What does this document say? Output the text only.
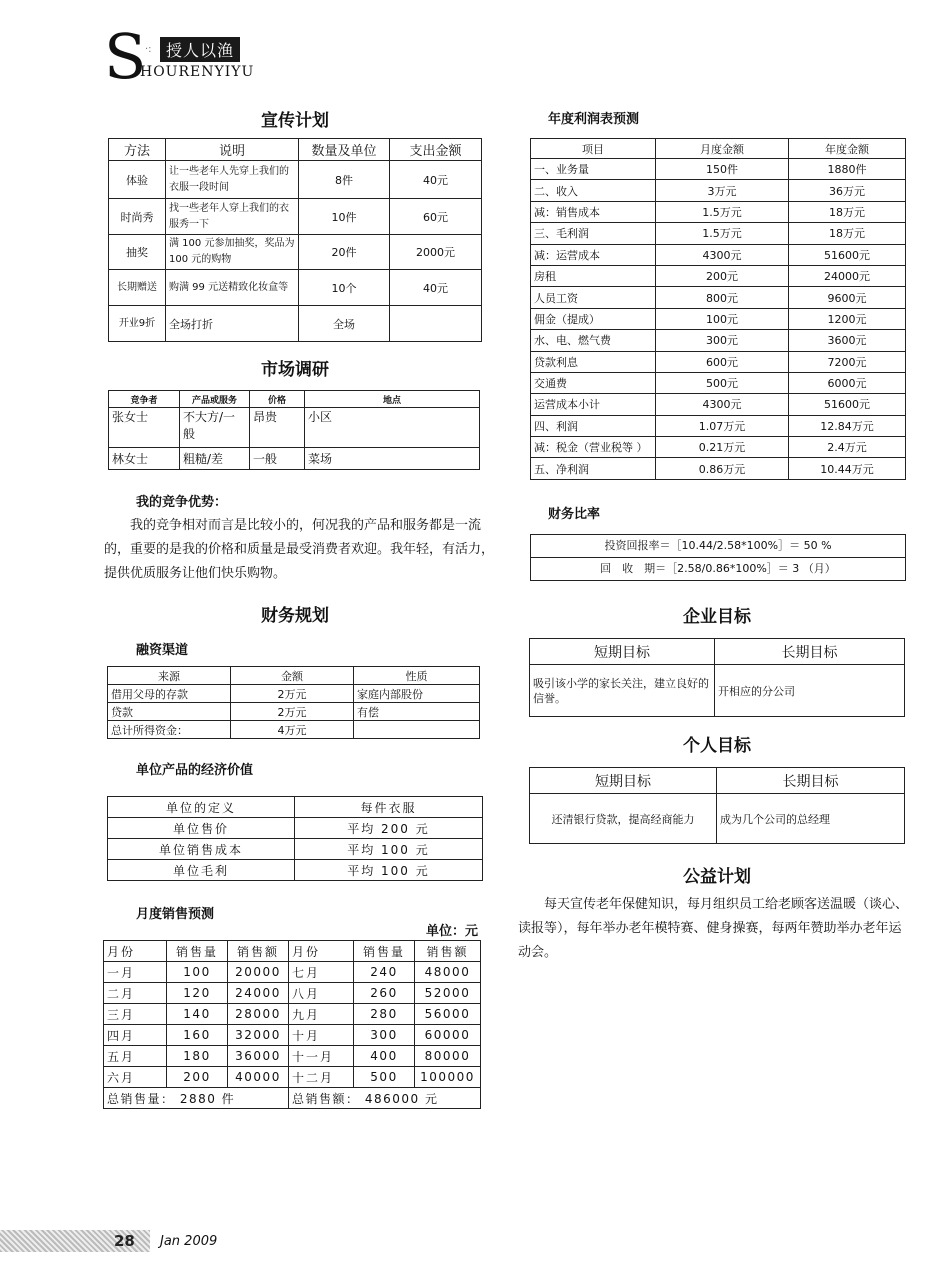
S
·: 授人以渔
HOURENYIYU
宣传计划
方法	说明	数量及单位	支出金额
体验	让一些老年人先穿上我们的衣服一段时间	8件	40元
时尚秀	找一些老年人穿上我们的衣服秀一下	10件	60元
抽奖	满 100 元参加抽奖，奖品为 100 元的购物	20件	2000元
长期赠送	购满 99 元送精致化妆盒等	10个	40元
开业9折	全场打折	全场	
市场调研
竞争者	产品或服务	价格	地点
张女士	不大方/一般	昂贵	小区
林女士	粗糙/差	一般	菜场
我的竞争优势：
我的竞争相对而言是比较小的，何况我的产品和服务都是一流的，重要的是我的价格和质量是最受消费者欢迎。我年轻，有活力，提供优质服务让他们快乐购物。
财务规划
融资渠道
来源	金额	性质
借用父母的存款	2万元	家庭内部股份
贷款	2万元	有偿
总计所得资金：	4万元	
单位产品的经济价值
单位的定义	每件衣服
单位售价	平均 200 元
单位销售成本	平均 100 元
单位毛利	平均 100 元
月度销售预测
单位：元
月份	销售量	销售额	月份	销售量	销售额
一月	100	20000	七月	240	48000
二月	120	24000	八月	260	52000
三月	140	28000	九月	280	56000
四月	160	32000	十月	300	60000
五月	180	36000	十一月	400	80000
六月	200	40000	十二月	500	100000
总销售量： 2880 件			总销售额： 486000 元		
年度利润表预测
项目	月度金额	年度金额
一、业务量	150件	1880件
二、收入	3万元	36万元
减：销售成本	1.5万元	18万元
三、毛利润	1.5万元	18万元
减：运营成本	4300元	51600元
房租	200元	24000元
人员工资	800元	9600元
佣金（提成）	100元	1200元
水、电、燃气费	300元	3600元
贷款利息	600元	7200元
交通费	500元	6000元
运营成本小计	4300元	51600元
四、利润	1.07万元	12.84万元
减：税金（营业税等 ）	0.21万元	2.4万元
五、净利润	0.86万元	10.44万元
财务比率
投资回报率＝［10.44/2.58*100%］＝ 50 %
回　收　期＝［2.58/0.86*100%］＝ 3 （月）
企业目标
短期目标	长期目标
吸引该小学的家长关注，建立良好的信誉。	开相应的分公司
个人目标
短期目标	长期目标
还清银行贷款，提高经商能力	成为几个公司的总经理
公益计划
每天宣传老年保健知识，每月组织员工给老顾客送温暖（谈心、读报等），每年举办老年模特赛、健身操赛，每两年赞助举办老年运动会。
28 Jan 2009
